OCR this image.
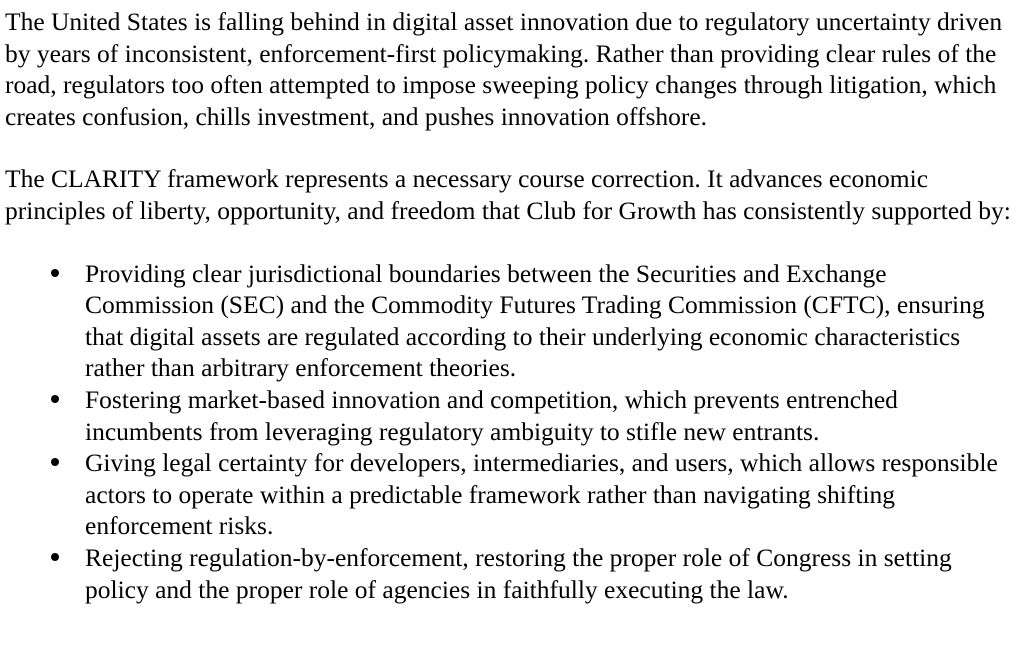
The United States is falling behind in digital asset innovation due to regulatory uncertainty driven by years of inconsistent, enforcement-first policymaking. Rather than providing clear rules of the road, regulators too often attempted to impose sweeping policy changes through litigation, which creates confusion, chills investment, and pushes innovation offshore.

The CLARITY framework represents a necessary course correction. It advances economic principles of liberty, opportunity, and freedom that Club for Growth has consistently supported by:

Providing clear jurisdictional boundaries between the Securities and Exchange Commission (SEC) and the Commodity Futures Trading Commission (CFTC), ensuring that digital assets are regulated according to their underlying economic characteristics rather than arbitrary enforcement theories.
Fostering market-based innovation and competition, which prevents entrenched incumbents from leveraging regulatory ambiguity to stifle new entrants.
Giving legal certainty for developers, intermediaries, and users, which allows responsible actors to operate within a predictable framework rather than navigating shifting enforcement risks.
Rejecting regulation-by-enforcement, restoring the proper role of Congress in setting policy and the proper role of agencies in faithfully executing the law.
